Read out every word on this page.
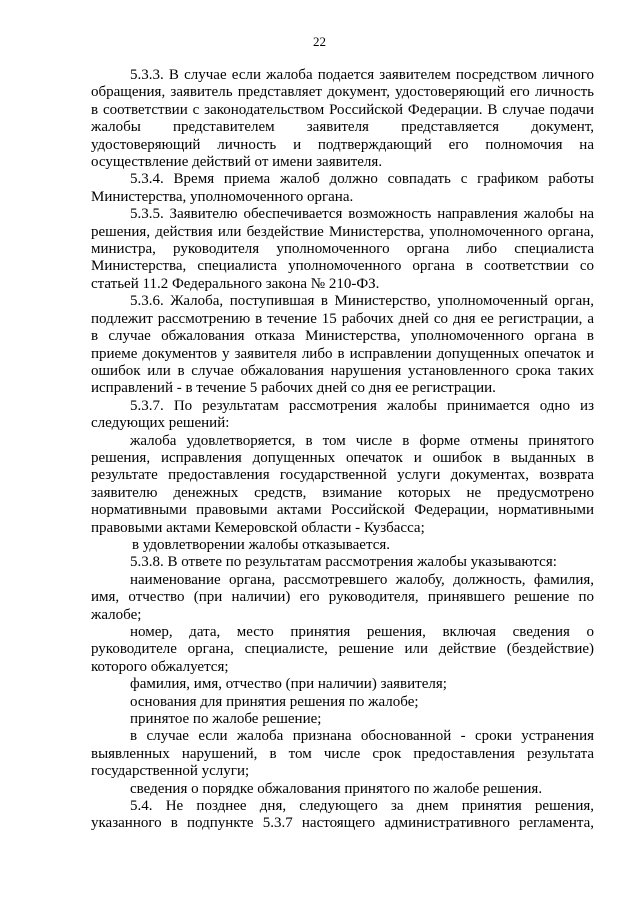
22
5.3.3. В случае если жалоба подается заявителем посредством личного
обращения, заявитель представляет документ, удостоверяющий его личность
в соответствии с законодательством Российской Федерации. В случае подачи
жалобы представителем заявителя представляется документ,
удостоверяющий личность и подтверждающий его полномочия на
осуществление действий от имени заявителя.
5.3.4. Время приема жалоб должно совпадать с графиком работы
Министерства, уполномоченного органа.
5.3.5. Заявителю обеспечивается возможность направления жалобы на
решения, действия или бездействие Министерства, уполномоченного органа,
министра, руководителя уполномоченного органа либо специалиста
Министерства, специалиста уполномоченного органа в соответствии со
статьей 11.2 Федерального закона № 210-ФЗ.
5.3.6. Жалоба, поступившая в Министерство, уполномоченный орган,
подлежит рассмотрению в течение 15 рабочих дней со дня ее регистрации, а
в случае обжалования отказа Министерства, уполномоченного органа в
приеме документов у заявителя либо в исправлении допущенных опечаток и
ошибок или в случае обжалования нарушения установленного срока таких
исправлений - в течение 5 рабочих дней со дня ее регистрации.
5.3.7. По результатам рассмотрения жалобы принимается одно из
следующих решений:
жалоба удовлетворяется, в том числе в форме отмены принятого
решения, исправления допущенных опечаток и ошибок в выданных в
результате предоставления государственной услуги документах, возврата
заявителю денежных средств, взимание которых не предусмотрено
нормативными правовыми актами Российской Федерации, нормативными
правовыми актами Кемеровской области - Кузбасса;
в удовлетворении жалобы отказывается.
5.3.8. В ответе по результатам рассмотрения жалобы указываются:
наименование органа, рассмотревшего жалобу, должность, фамилия,
имя, отчество (при наличии) его руководителя, принявшего решение по
жалобе;
номер, дата, место принятия решения, включая сведения о
руководителе органа, специалисте, решение или действие (бездействие)
которого обжалуется;
фамилия, имя, отчество (при наличии) заявителя;
основания для принятия решения по жалобе;
принятое по жалобе решение;
в случае если жалоба признана обоснованной - сроки устранения
выявленных нарушений, в том числе срок предоставления результата
государственной услуги;
сведения о порядке обжалования принятого по жалобе решения.
5.4. Не позднее дня, следующего за днем принятия решения,
указанного в подпункте 5.3.7 настоящего административного регламента,
